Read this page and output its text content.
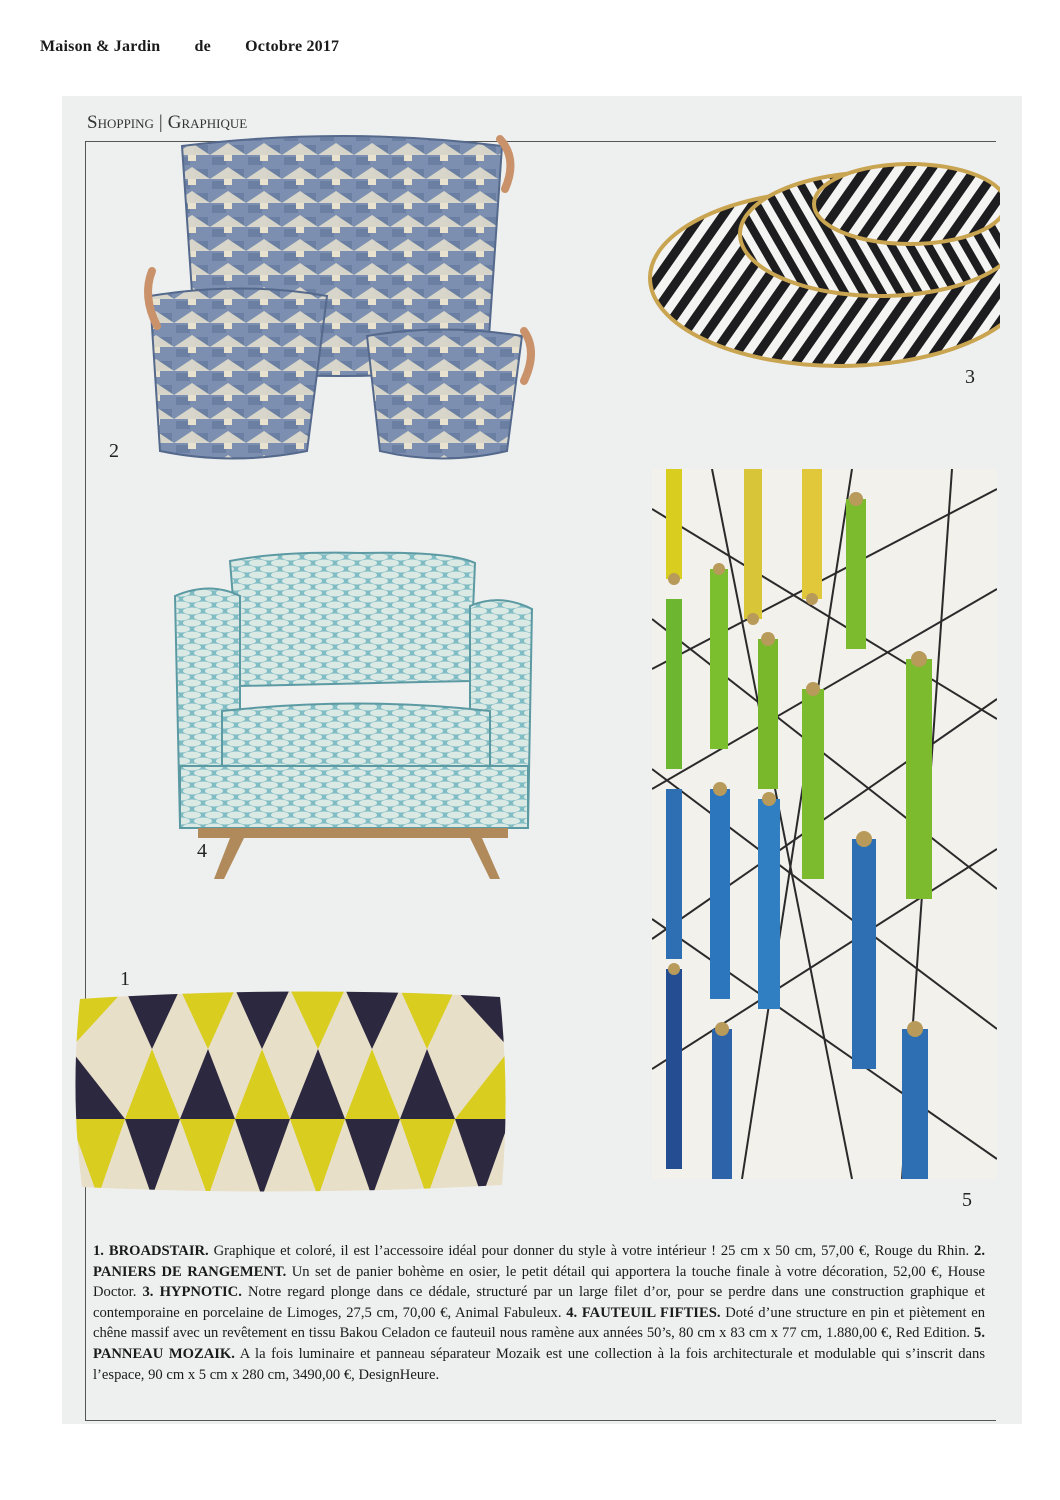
Maison & Jardin de Octobre 2017
Shopping | Graphique
2
3
4
5
1
1. BROADSTAIR. Graphique et coloré, il est l’accessoire idéal pour donner du style à votre intérieur ! 25 cm x 50 cm, 57,00 €, Rouge du Rhin. 2. PANIERS DE RANGEMENT. Un set de panier bohème en osier, le petit détail qui apportera la touche finale à votre décoration, 52,00 €, House Doctor. 3. HYPNOTIC. Notre regard plonge dans ce dédale, structuré par un large filet d’or, pour se perdre dans une construction graphique et contemporaine en porcelaine de Limoges, 27,5 cm, 70,00 €, Animal Fabuleux. 4. FAUTEUIL FIFTIES. Doté d’une structure en pin et piètement en chêne massif avec un revêtement en tissu Bakou Celadon ce fauteuil nous ramène aux années 50’s, 80 cm x 83 cm x 77 cm, 1.880,00 €, Red Edition. 5. PANNEAU MOZAIK. A la fois luminaire et panneau séparateur Mozaik est une collection à la fois architecturale et modulable qui s’inscrit dans l’espace, 90 cm x 5 cm x 280 cm, 3490,00 €, DesignHeure.
